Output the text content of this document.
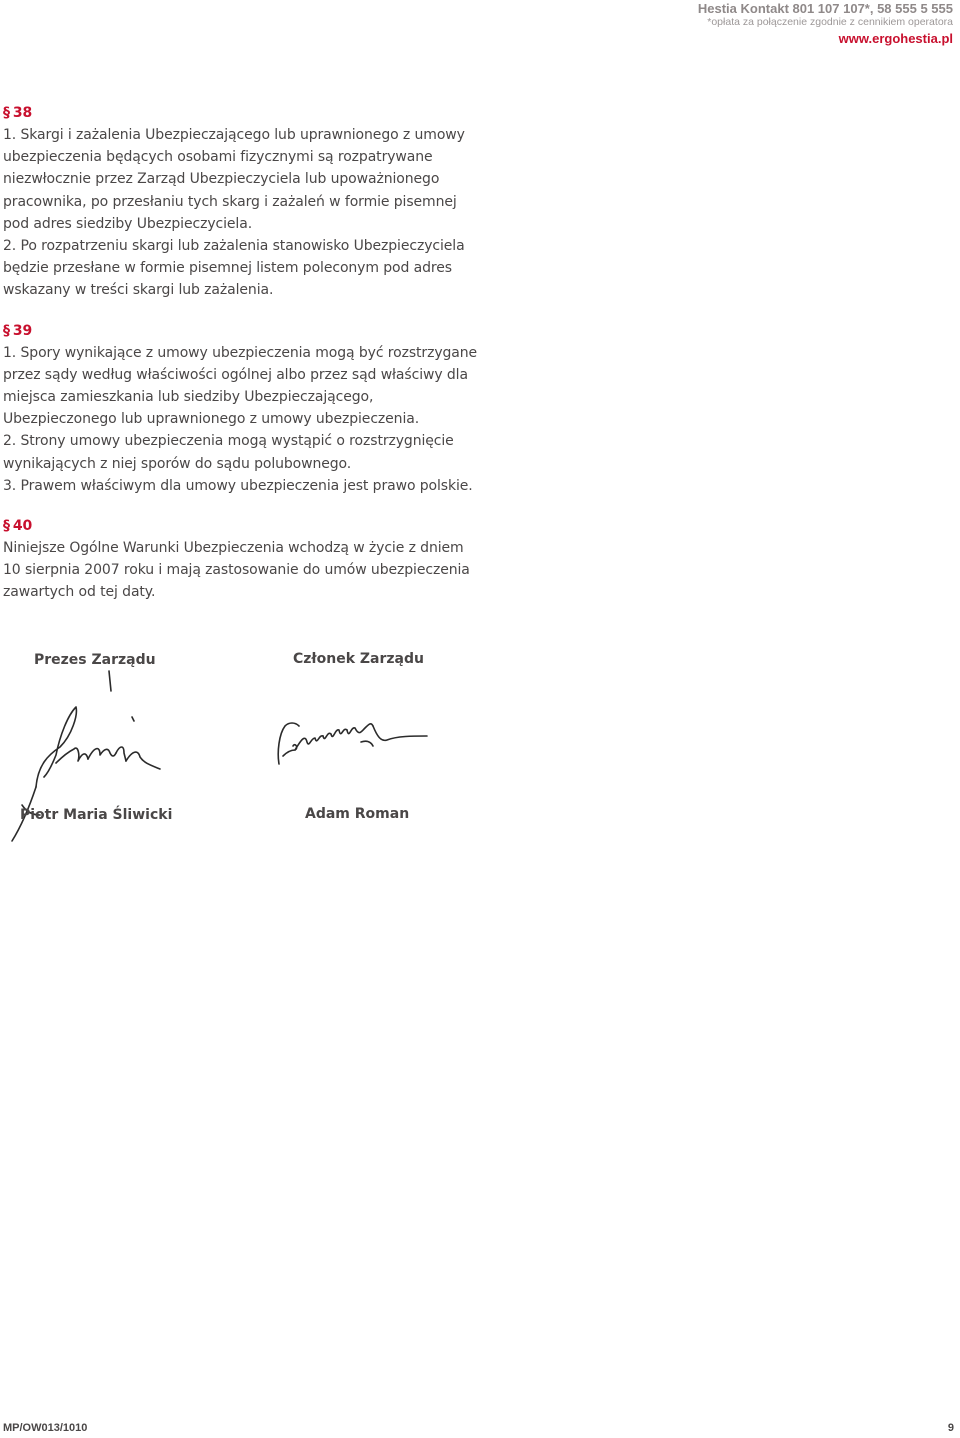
Hestia Kontakt 801 107 107*, 58 555 5 555
*opłata za połączenie zgodnie z cennikiem operatora
www.ergohestia.pl
§ 38

1. Skargi i zażalenia Ubezpieczającego lub uprawnionego z umowy ubezpieczenia będących osobami fizycznymi są rozpatrywane niezwłocznie przez Zarząd Ubezpieczyciela lub upoważnionego pracownika, po przesłaniu tych skarg i zażaleń w formie pisemnej pod adres siedziby Ubezpieczyciela.

2. Po rozpatrzeniu skargi lub zażalenia stanowisko Ubezpieczyciela będzie przesłane w formie pisemnej listem poleconym pod adres wskazany w treści skargi lub zażalenia.

§ 39

1. Spory wynikające z umowy ubezpieczenia mogą być rozstrzygane przez sądy według właściwości ogólnej albo przez sąd właściwy dla miejsca zamieszkania lub siedziby Ubezpieczającego, Ubezpieczonego lub uprawnionego z umowy ubezpieczenia.

2. Strony umowy ubezpieczenia mogą wystąpić o rozstrzygnięcie wynikających z niej sporów do sądu polubownego.

3. Prawem właściwym dla umowy ubezpieczenia jest prawo polskie.

§ 40

Niniejsze Ogólne Warunki Ubezpieczenia wchodzą w życie z dniem 10 sierpnia 2007 roku i mają zastosowanie do umów ubezpieczenia zawartych od tej daty.

Prezes Zarządu	Członek Zarządu
Piotr Maria Śliwicki	Adam Roman
MP/OW013/1010	9
